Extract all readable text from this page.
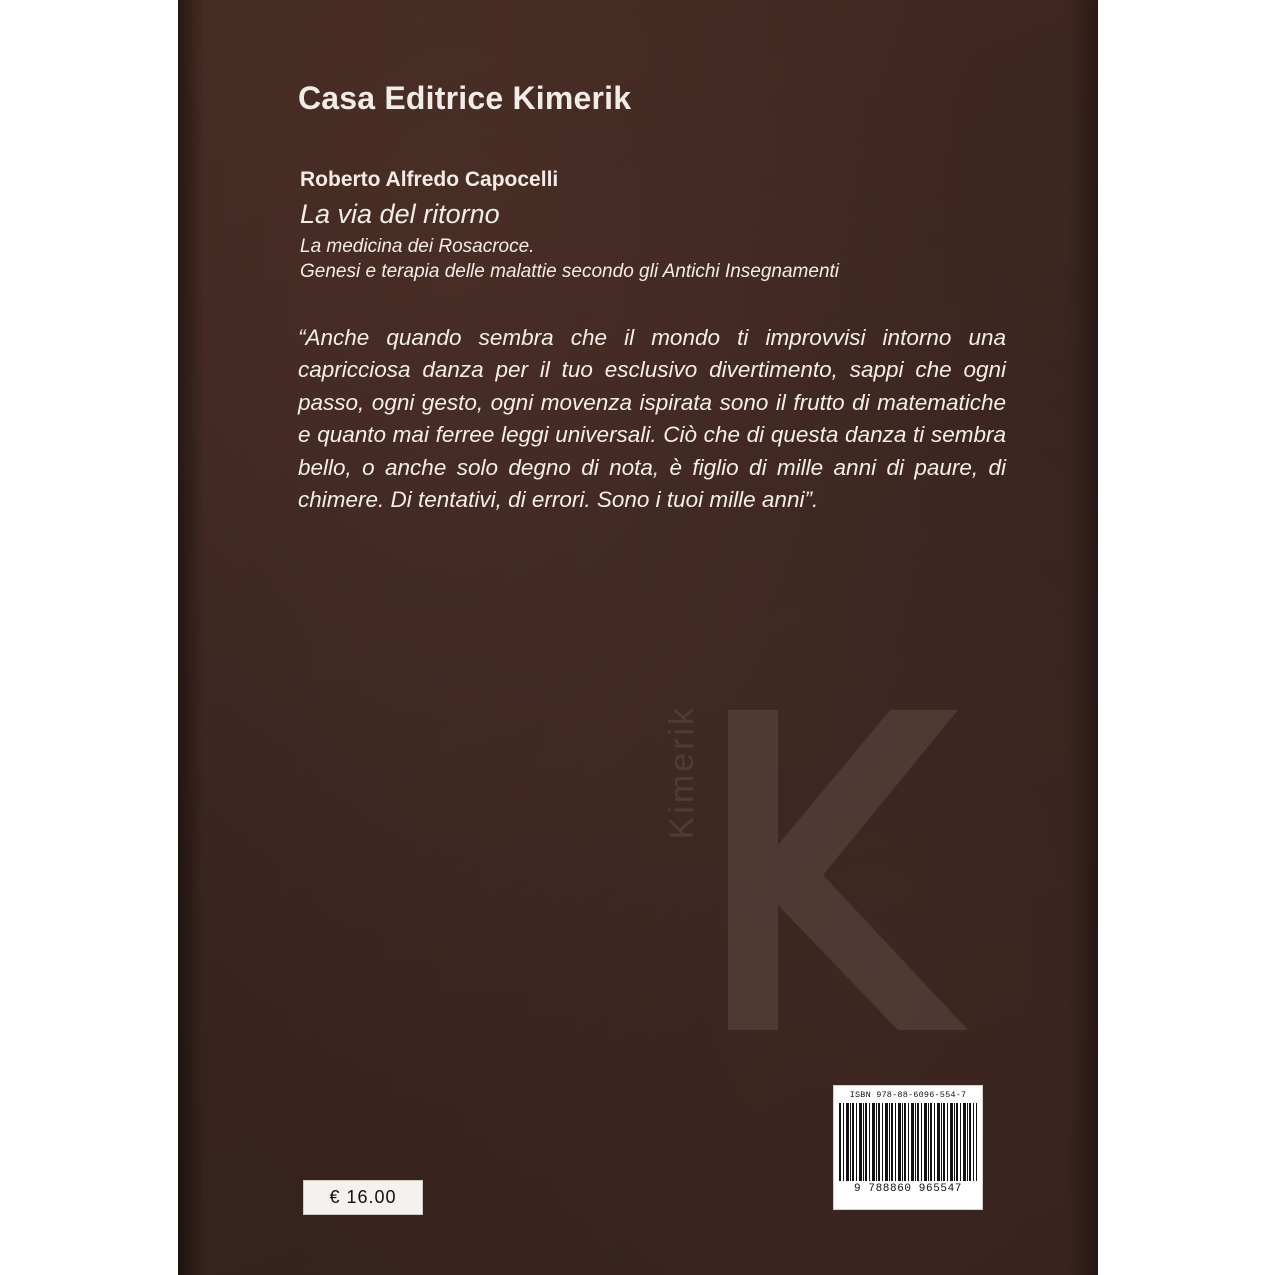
Kimerik
Casa Editrice Kimerik
Roberto Alfredo Capocelli
La via del ritorno
La medicina dei Rosacroce.
Genesi e terapia delle malattie secondo gli Antichi Insegnamenti
“Anche quando sembra che il mondo ti improvvisi intorno una capricciosa danza per il tuo esclusivo divertimento, sappi che ogni passo, ogni gesto, ogni movenza ispirata sono il frutto di matematiche e quanto mai ferree leggi universali. Ciò che di questa danza ti sembra bello, o anche solo degno di nota, è figlio di mille anni di paure, di chimere. Di tentativi, di errori. Sono i tuoi mille anni”.
€ 16.00
ISBN 978-88-6096-554-7
9 788860 965547
